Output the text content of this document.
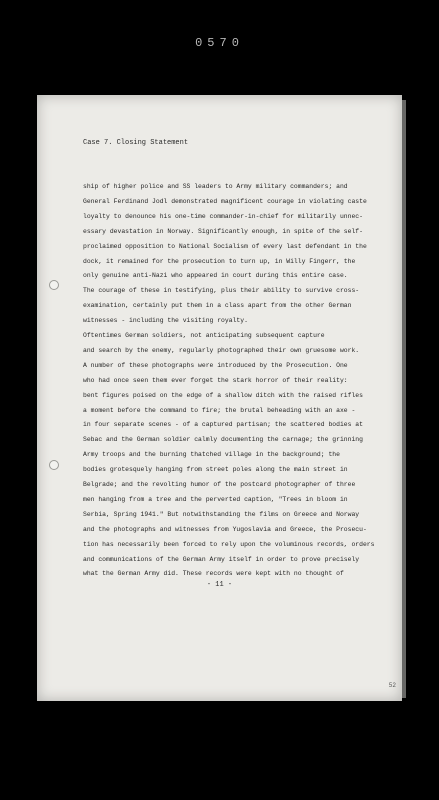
0570
Case 7. Closing Statement
ship of higher police and SS leaders to Army military commanders; and
General Ferdinand Jodl demonstrated magnificent courage in violating caste
loyalty to denounce his one-time commander-in-chief for militarily unnec-
essary devastation in Norway. Significantly enough, in spite of the self-
proclaimed opposition to National Socialism of every last defendant in the
dock, it remained for the prosecution to turn up, in Willy Fingerr, the
only genuine anti-Nazi who appeared in court during this entire case.
The courage of these in testifying, plus their ability to survive cross-
examination, certainly put them in a class apart from the other German
witnesses - including the visiting royalty.
Oftentimes German soldiers, not anticipating subsequent capture
and search by the enemy, regularly photographed their own gruesome work.
A number of these photographs were introduced by the Prosecution. One
who had once seen them ever forget the stark horror of their reality:
bent figures poised on the edge of a shallow ditch with the raised rifles
a moment before the command to fire; the brutal beheading with an axe -
in four separate scenes - of a captured partisan; the scattered bodies at
Sebac and the German soldier calmly documenting the carnage; the grinning
Army troops and the burning thatched village in the background; the
bodies grotesquely hanging from street poles along the main street in
Belgrade; and the revolting humor of the postcard photographer of three
men hanging from a tree and the perverted caption, "Trees in bloom in
Serbia, Spring 1941." But notwithstanding the films on Greece and Norway
and the photographs and witnesses from Yugoslavia and Greece, the Prosecu-
tion has necessarily been forced to rely upon the voluminous records, orders
and communications of the German Army itself in order to prove precisely
what the German Army did. These records were kept with no thought of
- 11 -
52
